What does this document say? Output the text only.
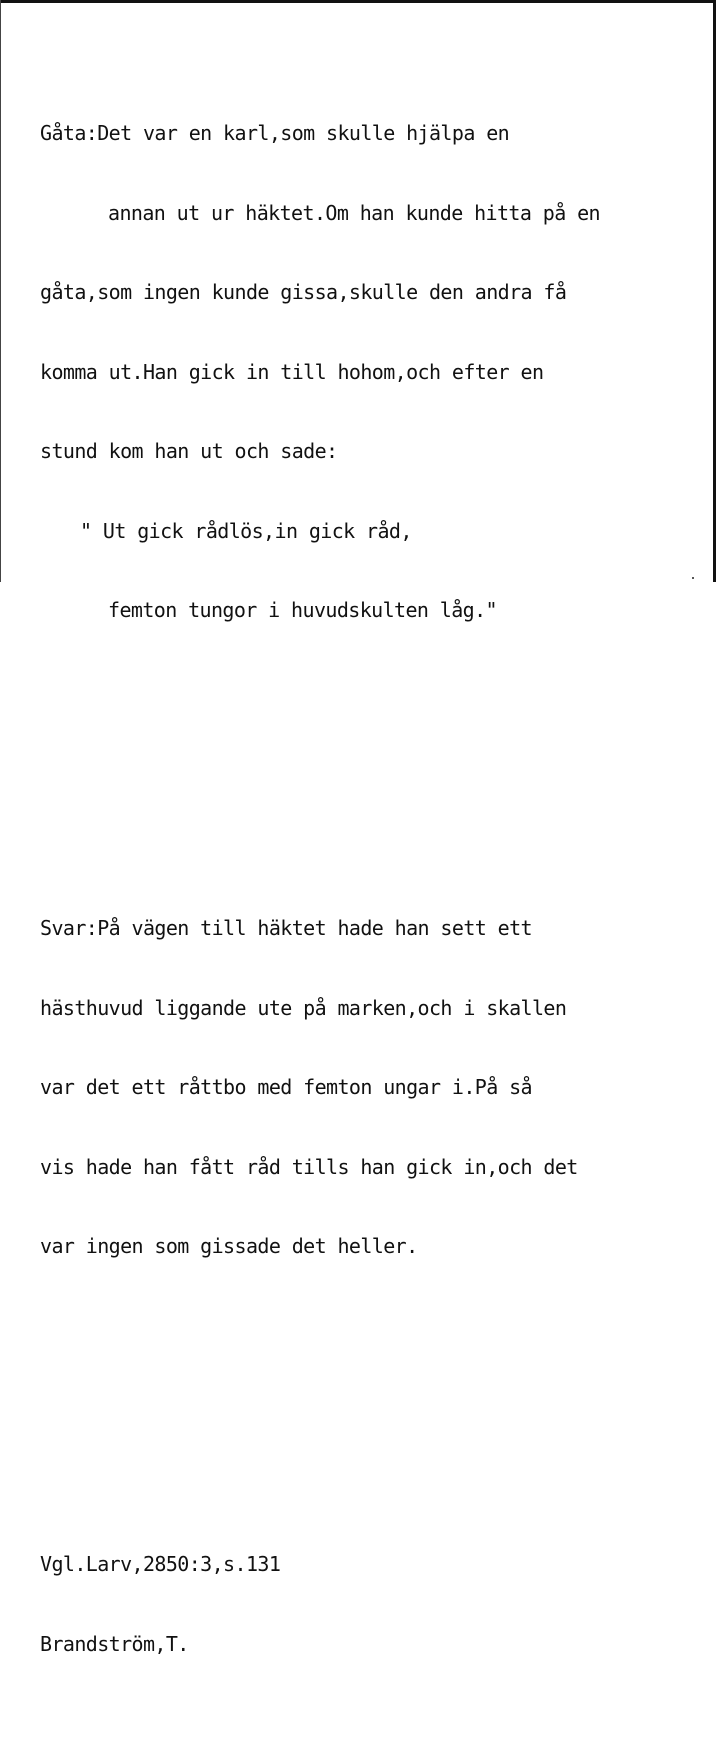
Gåta:Det var en karl,som skulle hjälpa en

annan ut ur häktet.Om han kunde hitta på en

gåta,som ingen kunde gissa,skulle den andra få

komma ut.Han gick in till hohom,och efter en

stund kom han ut och sade:

" Ut gick rådlös,in gick råd,

femton tungor i huvudskulten låg."

Svar:På vägen till häktet hade han sett ett

hästhuvud liggande ute på marken,och i skallen

var det ett råttbo med femton ungar i.På så

vis hade han fått råd tills han gick in,och det

var ingen som gissade det heller.

Vgl.Larv,2850:3,s.131

Brandström,T.
